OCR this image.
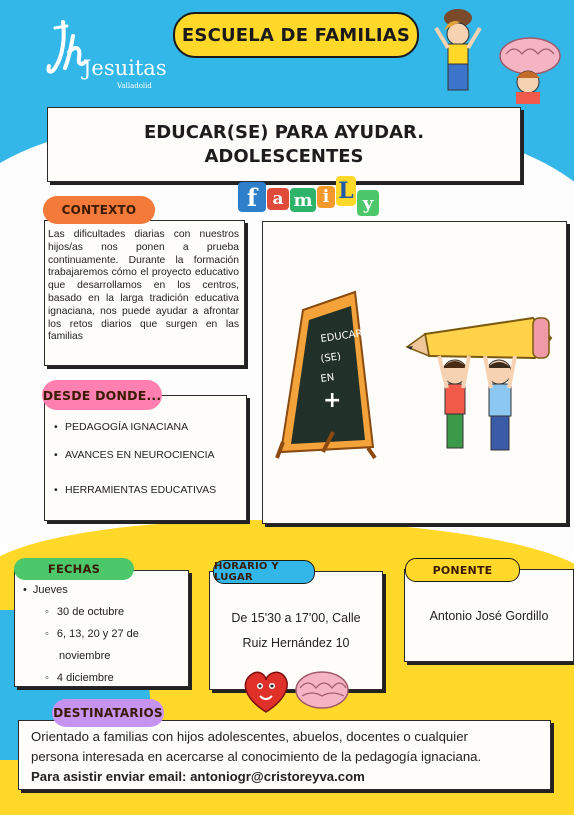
Jesuitas
Valladolid
ESCUELA DE FAMILIAS
EDUCAR(SE) PARA AYUDAR.
ADOLESCENTES
f a m i L y
Las dificultades diarias con nuestros hijos/as nos ponen a prueba continuamente. Durante la formación trabajaremos cómo el proyecto educativo que desarrollamos en los centros, basado en la larga tradición educativa ignaciana, nos puede ayudar a afrontar los retos diarios que surgen en las familias
CONTEXTO
• PEDAGOGÍA IGNACIANA
• AVANCES EN NEUROCIENCIA
• HERRAMIENTAS EDUCATIVAS
DESDE DONDE...
EDUCAR
(SE)
EN
+
• Jueves
◦ 30 de octubre
◦ 6, 13, 20 y 27 de
noviembre
◦ 4 diciembre
FECHAS
De 15'30 a 17'00, Calle
Ruiz Hernández 10
HORARIO Y LUGAR
Antonio José Gordillo
PONENTE
Orientado a familias con hijos adolescentes, abuelos, docentes o cualquier
persona interesada en acercarse al conocimiento de la pedagogía ignaciana.
Para asistir enviar email: antoniogr@cristoreyva.com
DESTINATARIOS
